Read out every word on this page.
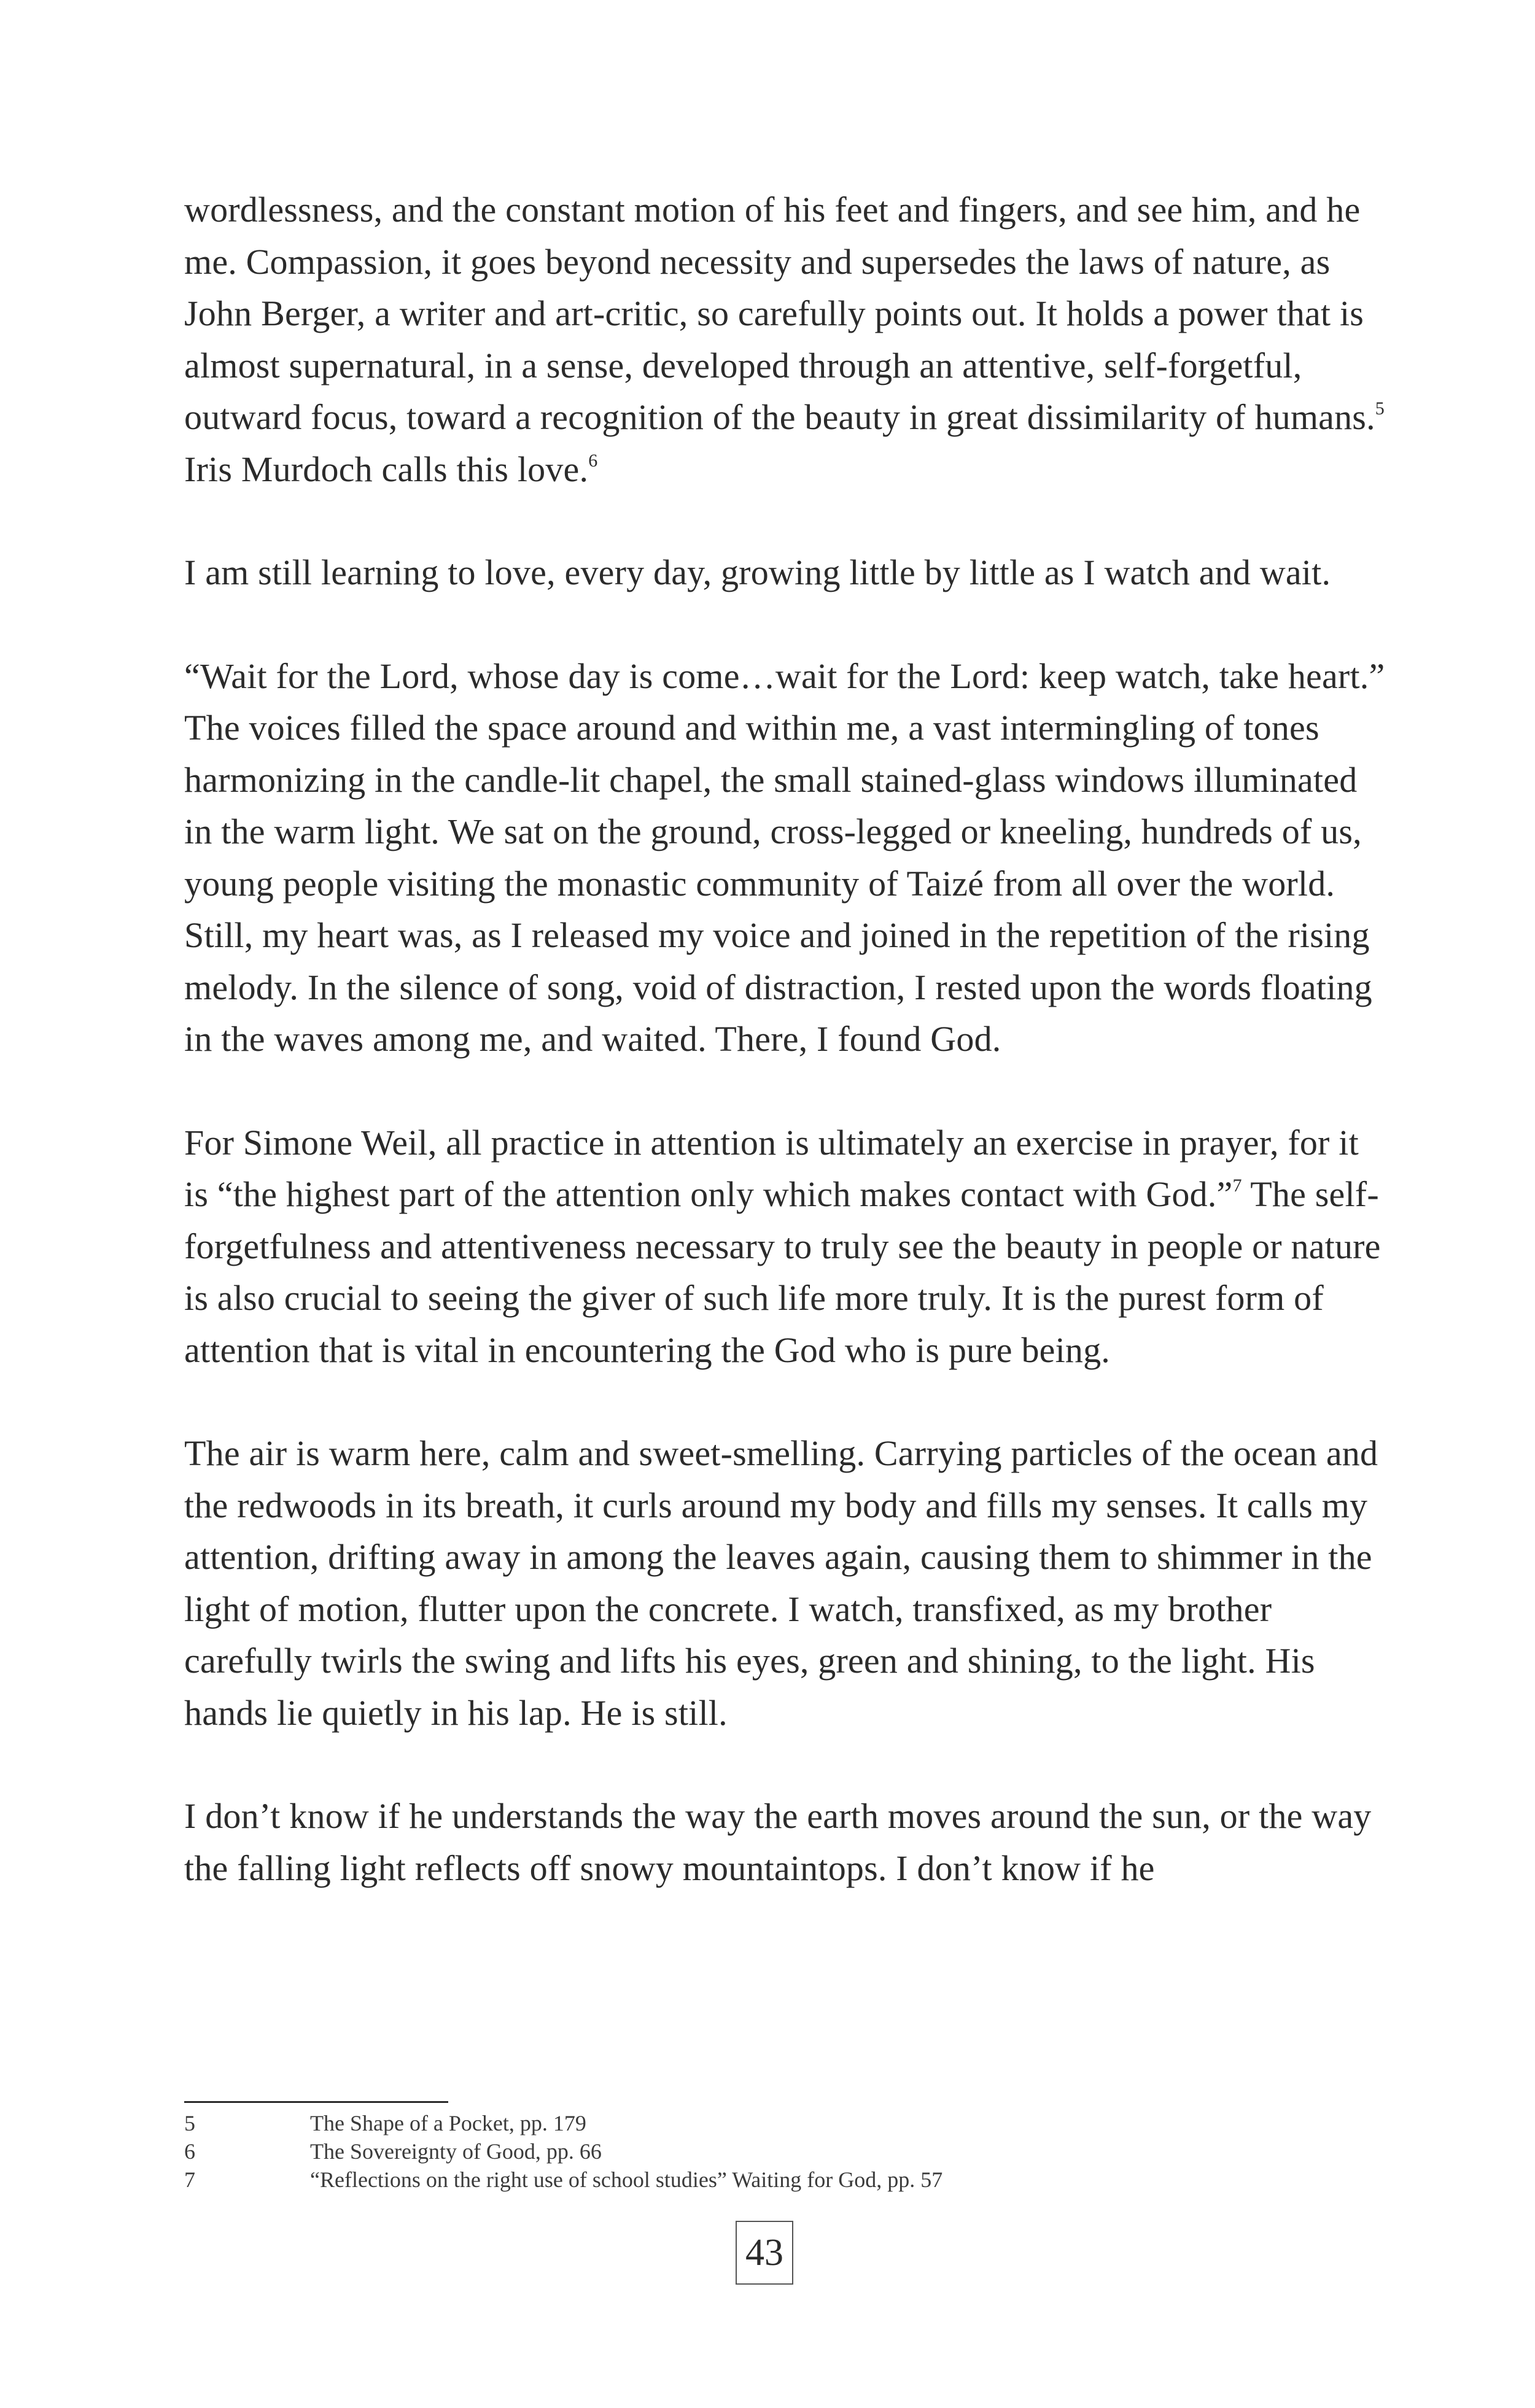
wordlessness, and the constant motion of his feet and fingers, and see him, and he me. Compassion, it goes beyond necessity and supersedes the laws of nature, as John Berger, a writer and art-critic, so carefully points out. It holds a power that is almost supernatural, in a sense, developed through an attentive, self-forgetful, outward focus, toward a recognition of the beauty in great dissimilarity of humans.$^5$ Iris Murdoch calls this love.$^6$

I am still learning to love, every day, growing little by little as I watch and wait.

“Wait for the Lord, whose day is come…wait for the Lord: keep watch, take heart.” The voices filled the space around and within me, a vast intermingling of tones harmonizing in the candle-lit chapel, the small stained-glass windows illuminated in the warm light. We sat on the ground, cross-legged or kneeling, hundreds of us, young people visiting the monastic community of Taizé from all over the world. Still, my heart was, as I released my voice and joined in the repetition of the rising melody. In the silence of song, void of distraction, I rested upon the words floating in the waves among me, and waited. There, I found God.

For Simone Weil, all practice in attention is ultimately an exercise in prayer, for it is “the highest part of the attention only which makes contact with God.”$^7$ The self-forgetfulness and attentiveness necessary to truly see the beauty in people or nature is also crucial to seeing the giver of such life more truly. It is the purest form of attention that is vital in encountering the God who is pure being.

The air is warm here, calm and sweet-smelling. Carrying particles of the ocean and the redwoods in its breath, it curls around my body and fills my senses. It calls my attention, drifting away in among the leaves again, causing them to shimmer in the light of motion, flutter upon the concrete. I watch, transfixed, as my brother carefully twirls the swing and lifts his eyes, green and shining, to the light. His hands lie quietly in his lap. He is still.

I don’t know if he understands the way the earth moves around the sun, or the way the falling light reflects off snowy mountaintops. I don’t know if he

5	The Shape of a Pocket, pp. 179
6	The Sovereignty of Good, pp. 66
7	“Reflections on the right use of school studies” Waiting for God, pp. 57
43
